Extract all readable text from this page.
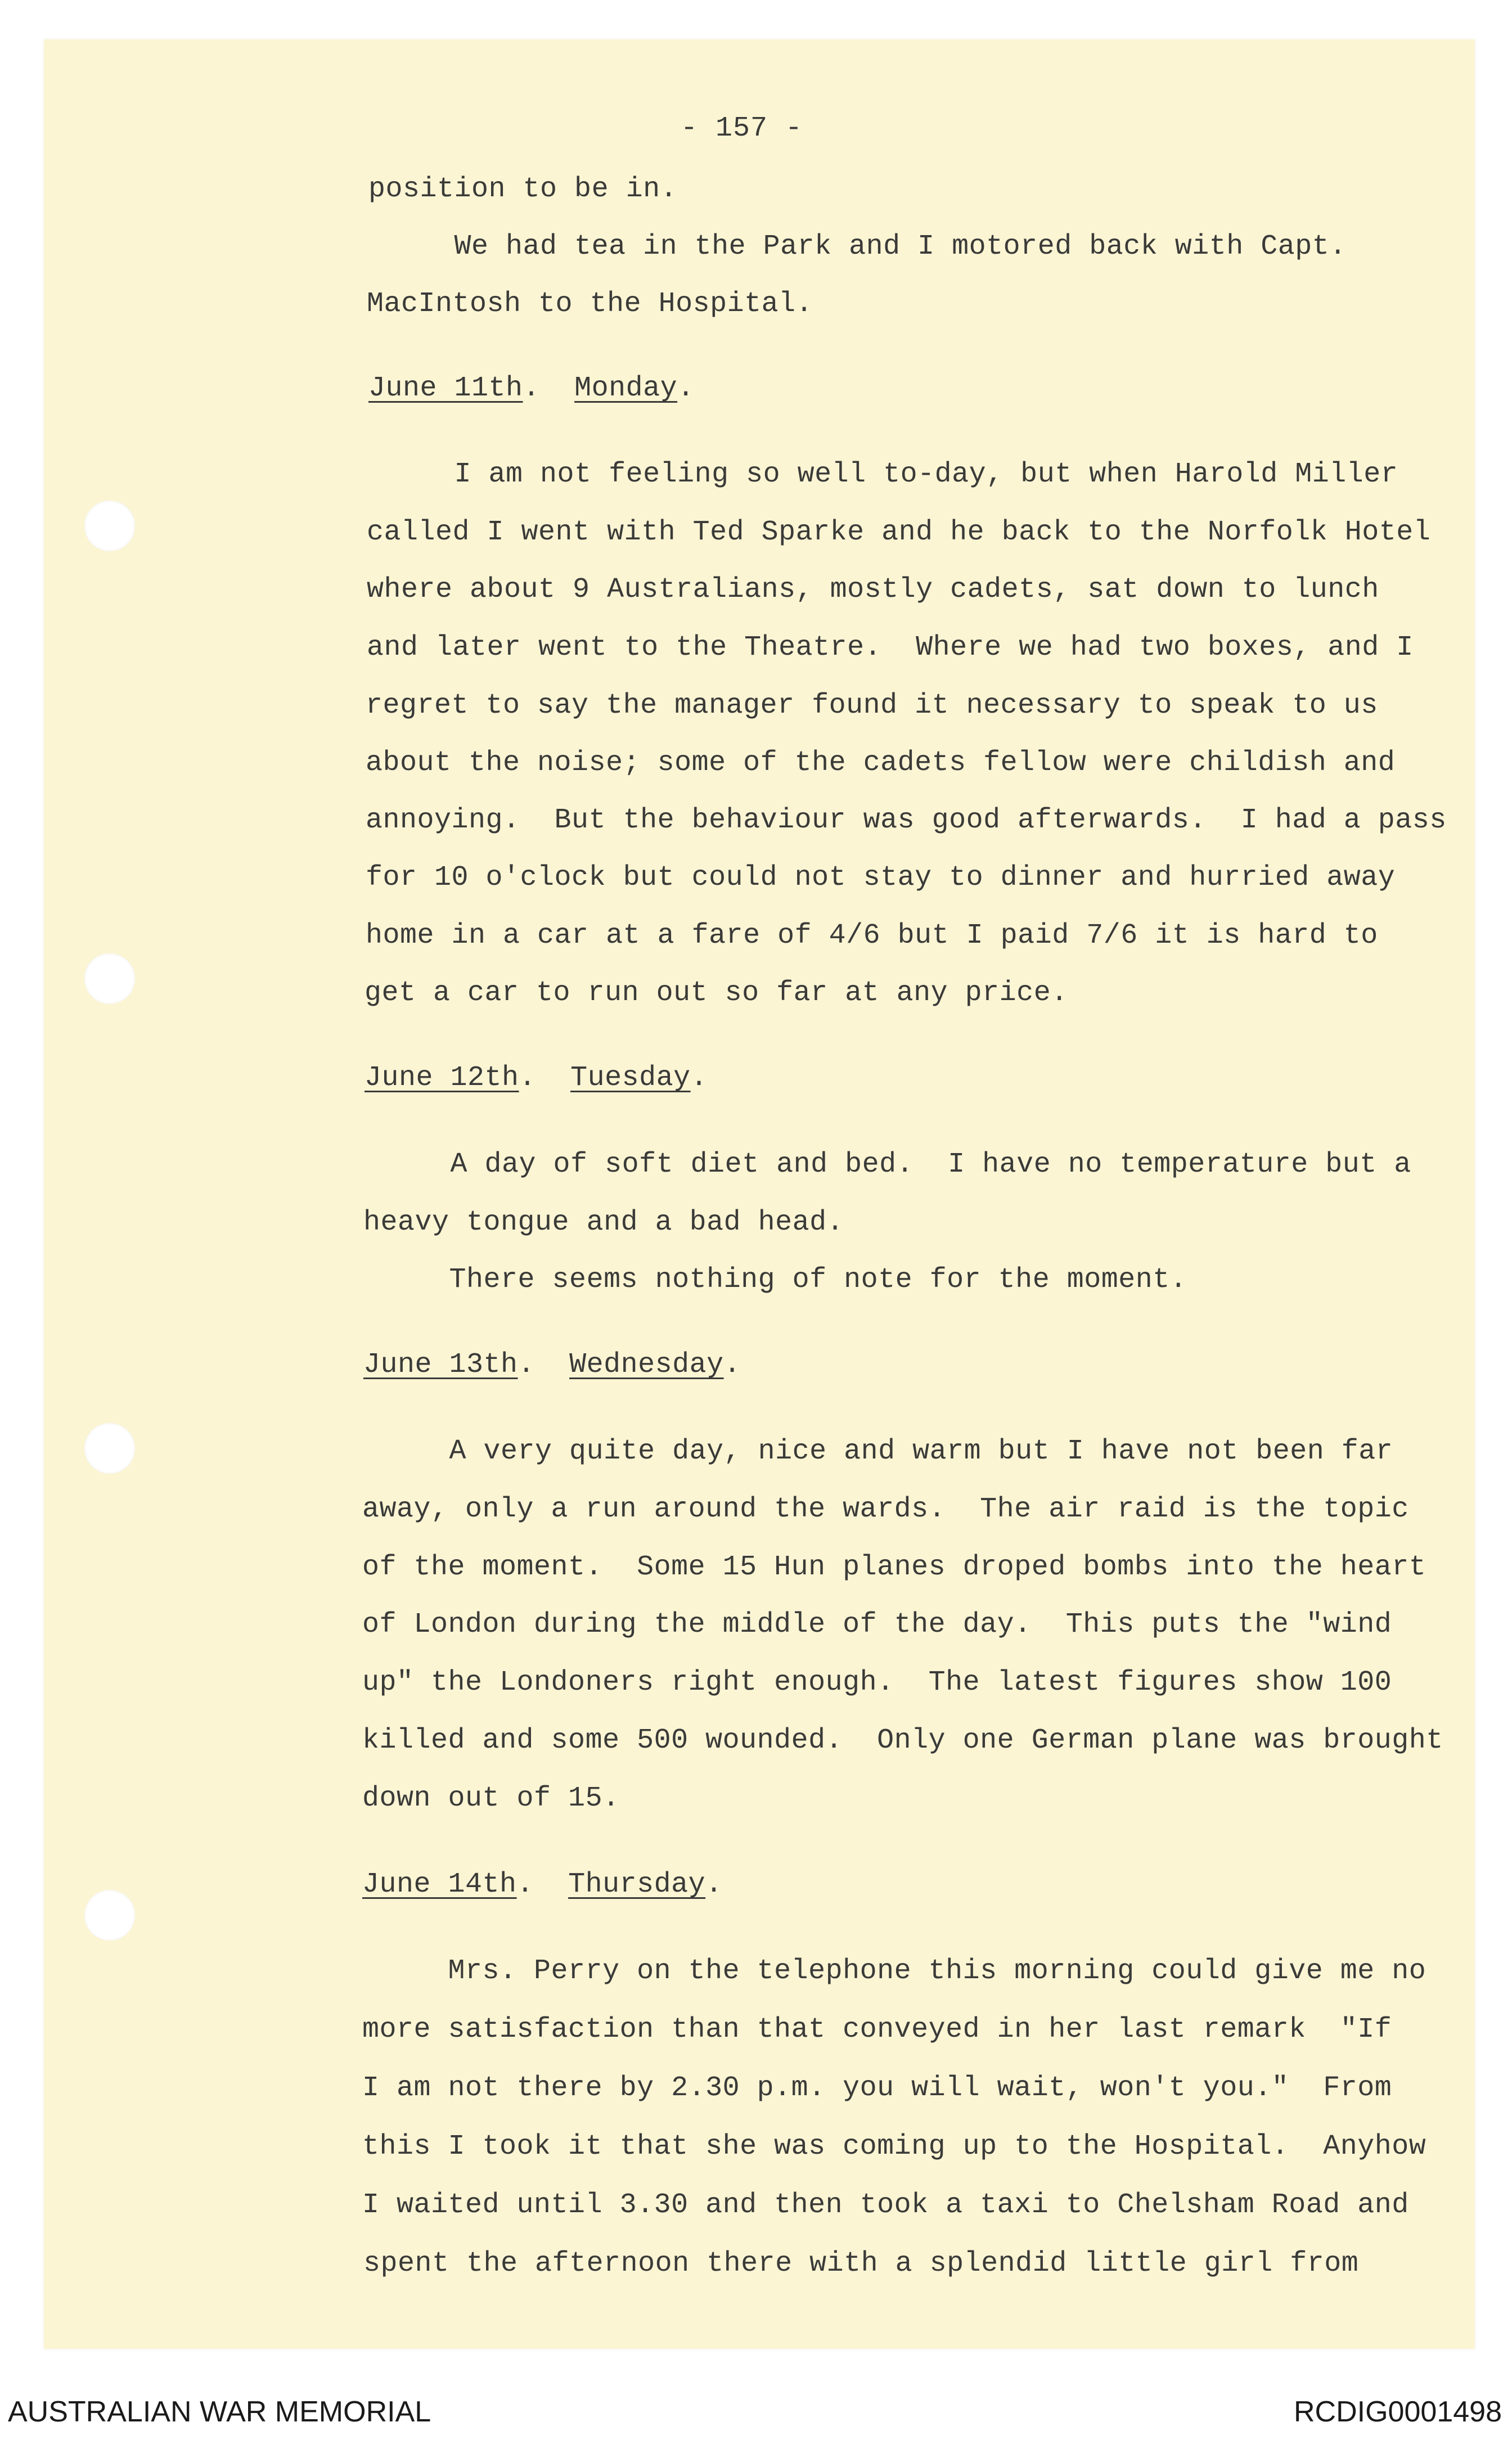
- 157 -
position to be in.
We had tea in the Park and I motored back with Capt.
MacIntosh to the Hospital.
June 11th.  Monday.
I am not feeling so well to-day, but when Harold Miller
called I went with Ted Sparke and he back to the Norfolk Hotel
where about 9 Australians, mostly cadets, sat down to lunch
and later went to the Theatre.  Where we had two boxes, and I
regret to say the manager found it necessary to speak to us
about the noise; some of the cadets fellow were childish and
annoying.  But the behaviour was good afterwards.  I had a pass
for 10 o'clock but could not stay to dinner and hurried away
home in a car at a fare of 4/6 but I paid 7/6 it is hard to
get a car to run out so far at any price.
June 12th.  Tuesday.
A day of soft diet and bed.  I have no temperature but a
heavy tongue and a bad head.
There seems nothing of note for the moment.
June 13th.  Wednesday.
A very quite day, nice and warm but I have not been far
away, only a run around the wards.  The air raid is the topic
of the moment.  Some 15 Hun planes droped bombs into the heart
of London during the middle of the day.  This puts the "wind
up" the Londoners right enough.  The latest figures show 100
killed and some 500 wounded.  Only one German plane was brought
down out of 15.
June 14th.  Thursday.
Mrs. Perry on the telephone this morning could give me no
more satisfaction than that conveyed in her last remark  "If
I am not there by 2.30 p.m. you will wait, won't you."  From
this I took it that she was coming up to the Hospital.  Anyhow
I waited until 3.30 and then took a taxi to Chelsham Road and
spent the afternoon there with a splendid little girl from
AUSTRALIAN WAR MEMORIAL	RCDIG0001498
